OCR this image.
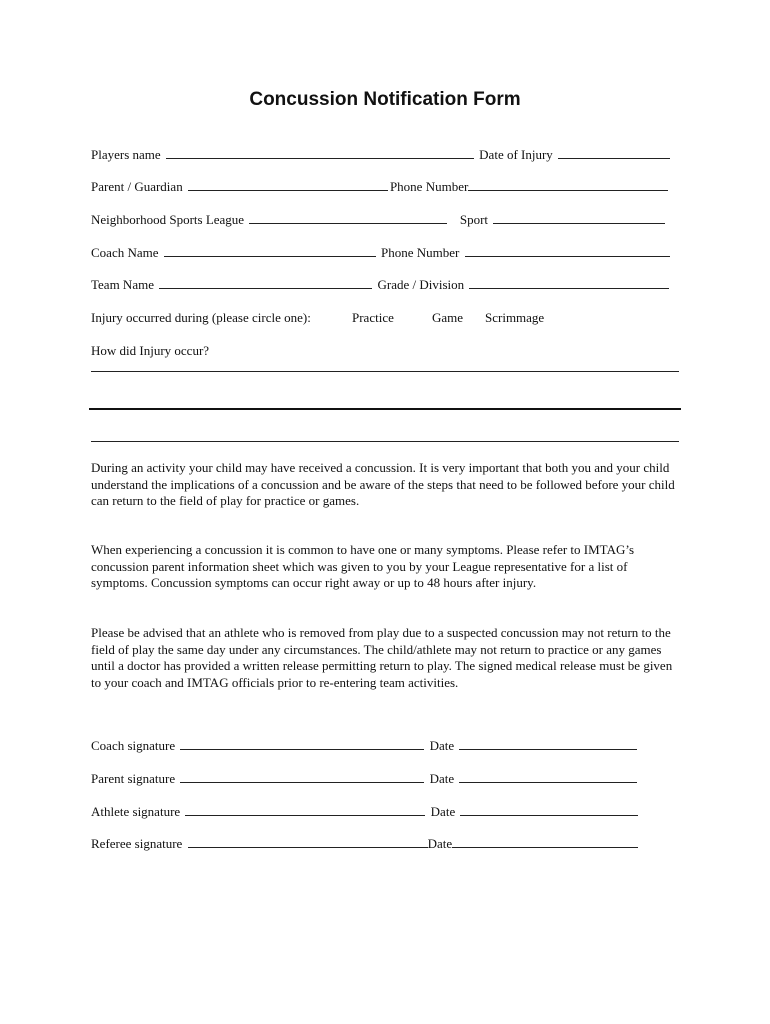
Concussion Notification Form
Players name	Date of Injury
Parent / Guardian	Phone Number
Neighborhood Sports League	Sport
Coach Name	Phone Number
Team Name	Grade / Division
Injury occurred during (please circle one):	Practice	Game Scrimmage
How did Injury occur?
During an activity your child may have received a concussion. It is very important that both you and your child understand the implications of a concussion and be aware of the steps that need to be followed before your child can return to the field of play for practice or games.
When experiencing a concussion it is common to have one or many symptoms. Please refer to IMTAG’s concussion parent information sheet which was given to you by your League representative for a list of symptoms. Concussion symptoms can occur right away or up to 48 hours after injury.
Please be advised that an athlete who is removed from play due to a suspected concussion may not return to the field of play the same day under any circumstances. The child/athlete may not return to practice or any games until a doctor has provided a written release permitting return to play. The signed medical release must be given to your coach and IMTAG officials prior to re-entering team activities.
Coach signature	Date
Parent signature	Date
Athlete signature	Date
Referee signature	Date
